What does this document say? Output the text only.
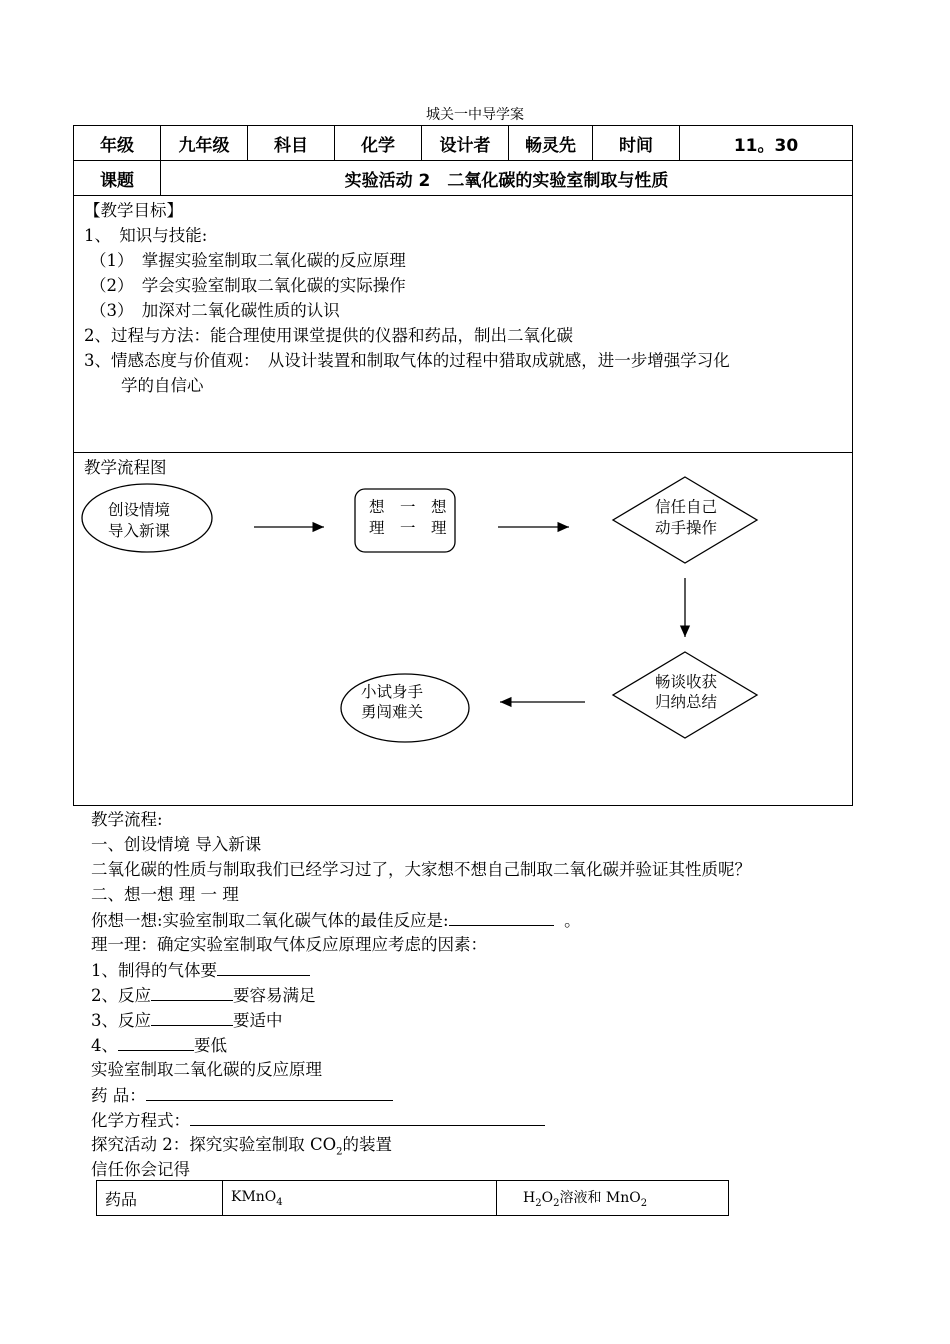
城关一中导学案
年级	九年级	科目	化学	设计者	畅灵先	时间	11。30
课题	实验活动 2　二氧化碳的实验室制取与性质						
【教学目标】
1、　知识与技能:
（1）　掌握实验室制取二氧化碳的反应原理
（2）　学会实验室制取二氧化碳的实际操作
（3）　加深对二氧化碳性质的认识
2、过程与方法：能合理使用课堂提供的仪器和药品，制出二氧化碳
3、情感态度与价值观：　从设计装置和制取气体的过程中猎取成就感，进一步增强学习化
学的自信心
教学流程图
创设情境
导入新课
想　一　想
理　一　理
信任自己
动手操作
畅谈收获
归纳总结
小试身手
勇闯难关
教学流程:
一、创设情境 导入新课
二氧化碳的性质与制取我们已经学习过了，大家想不想自己制取二氧化碳并验证其性质呢？
二、想一想 理 一 理
你想一想:实验室制取二氧化碳气体的最佳反应是:	。
理一理：确定实验室制取气体反应原理应考虑的因素：
1、制得的气体要
2、反应	要容易满足
3、反应	要适中
4、	要低
实验室制取二氧化碳的反应原理
药 品：
化学方程式：
探究活动 2：探究实验室制取 $CO_2$的装置
信任你会记得
药品	KMnO$_4$	$H_2O_2$溶液和 MnO$_2$
